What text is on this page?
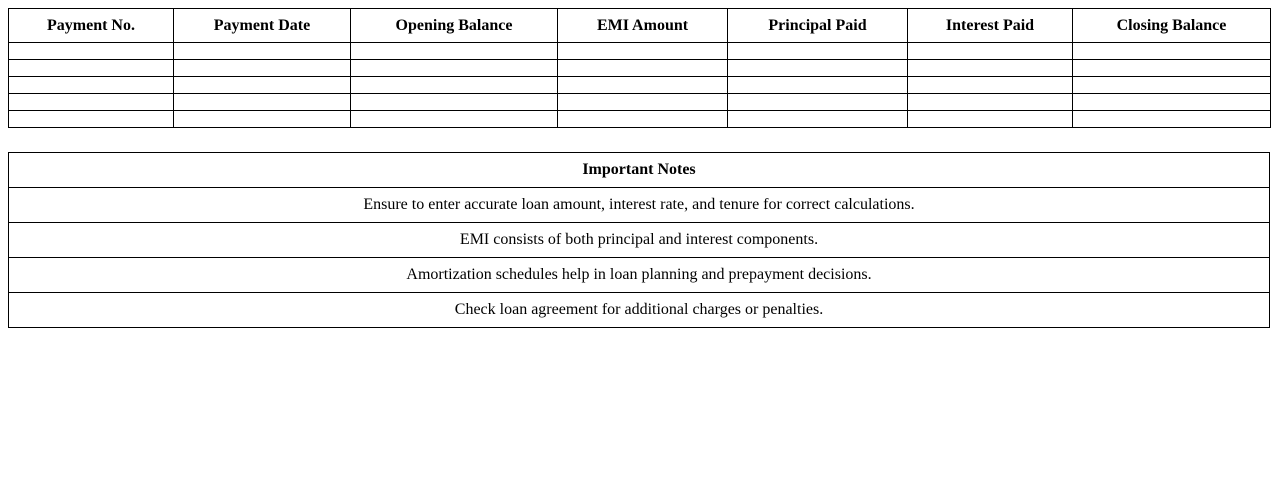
Payment No.	Payment Date	Opening Balance	EMI Amount	Principal Paid	Interest Paid	Closing Balance

Important Notes
Ensure to enter accurate loan amount, interest rate, and tenure for correct calculations.
EMI consists of both principal and interest components.
Amortization schedules help in loan planning and prepayment decisions.
Check loan agreement for additional charges or penalties.
